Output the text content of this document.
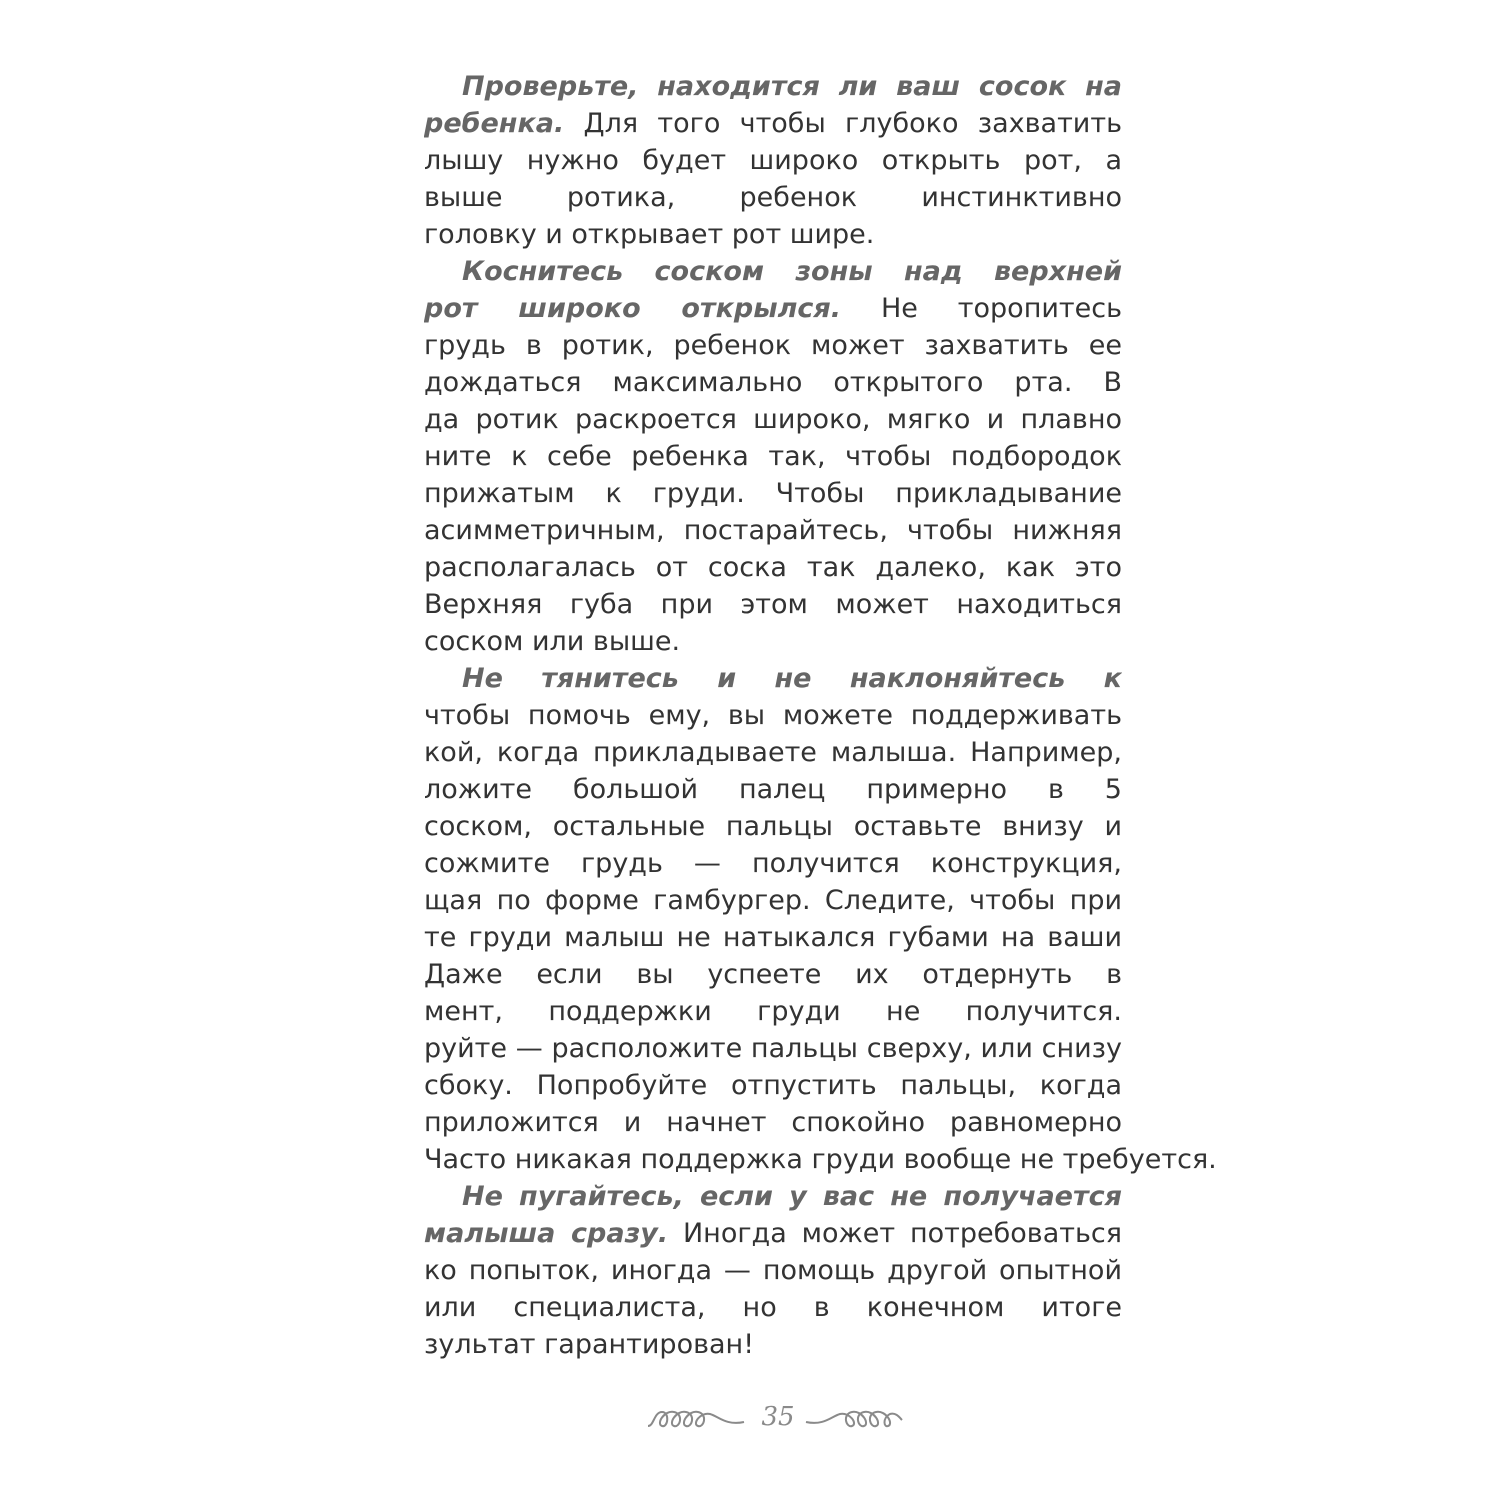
Проверьте, находится ли ваш сосок на
ребенка. Для того чтобы глубоко захватить
лышу нужно будет широко открыть рот, а
выше ротика, ребенок инстинктивно
головку и открывает рот шире.
Коснитесь соском зоны над верхней
рот широко открылся. Не торопитесь
грудь в ротик, ребенок может захватить ее
дождаться максимально открытого рта. В
да ротик раскроется широко, мягко и плавно
ните к себе ребенка так, чтобы подбородок
прижатым к груди. Чтобы прикладывание
асимметричным, постарайтесь, чтобы нижняя
располагалась от соска так далеко, как это
Верхняя губа при этом может находиться
соском или выше.
Не тянитесь и не наклоняйтесь к
чтобы помочь ему, вы можете поддерживать
кой, когда прикладываете малыша. Например,
ложите большой палец примерно в 5
соском, остальные пальцы оставьте внизу и
сожмите грудь — получится конструкция,
щая по форме гамбургер. Следите, чтобы при
те груди малыш не натыкался губами на ваши
Даже если вы успеете их отдернуть в
мент, поддержки груди не получится.
руйте — расположите пальцы сверху, или снизу
сбоку. Попробуйте отпустить пальцы, когда
приложится и начнет спокойно равномерно
Часто никакая поддержка груди вообще не требуется.
Не пугайтесь, если у вас не получается
малыша сразу. Иногда может потребоваться
ко попыток, иногда — помощь другой опытной
или специалиста, но в конечном итоге
зультат гарантирован!
35
